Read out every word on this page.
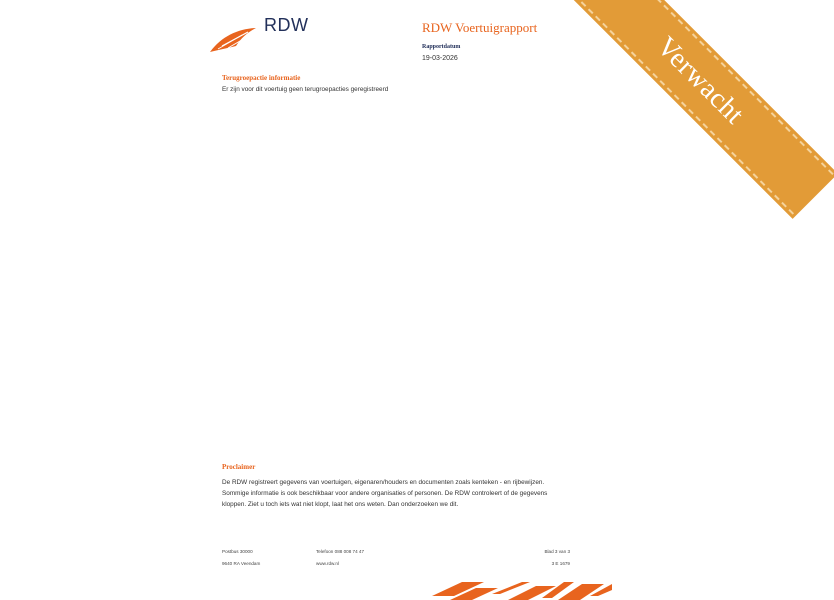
RDW	RDW Voertuigrapport
Rapportdatum
19-03-2026
Terugroepactie informatie
Er zijn voor dit voertuig geen terugroepacties geregistreerd
Proclaimer
De RDW registreert gegevens van voertuigen, eigenaren/houders en documenten zoals kenteken - en rijbewijzen.
Sommige informatie is ook beschikbaar voor andere organisaties of personen. De RDW controleert of de gegevens
kloppen. Ziet u toch iets wat niet klopt, laat het ons weten. Dan onderzoeken we dit.
Postbus 30000
9640 RA Veendam
Telefoon 088 008 74 47
www.rdw.nl
Blad 3 van 3
3 E 1679
Verwacht
